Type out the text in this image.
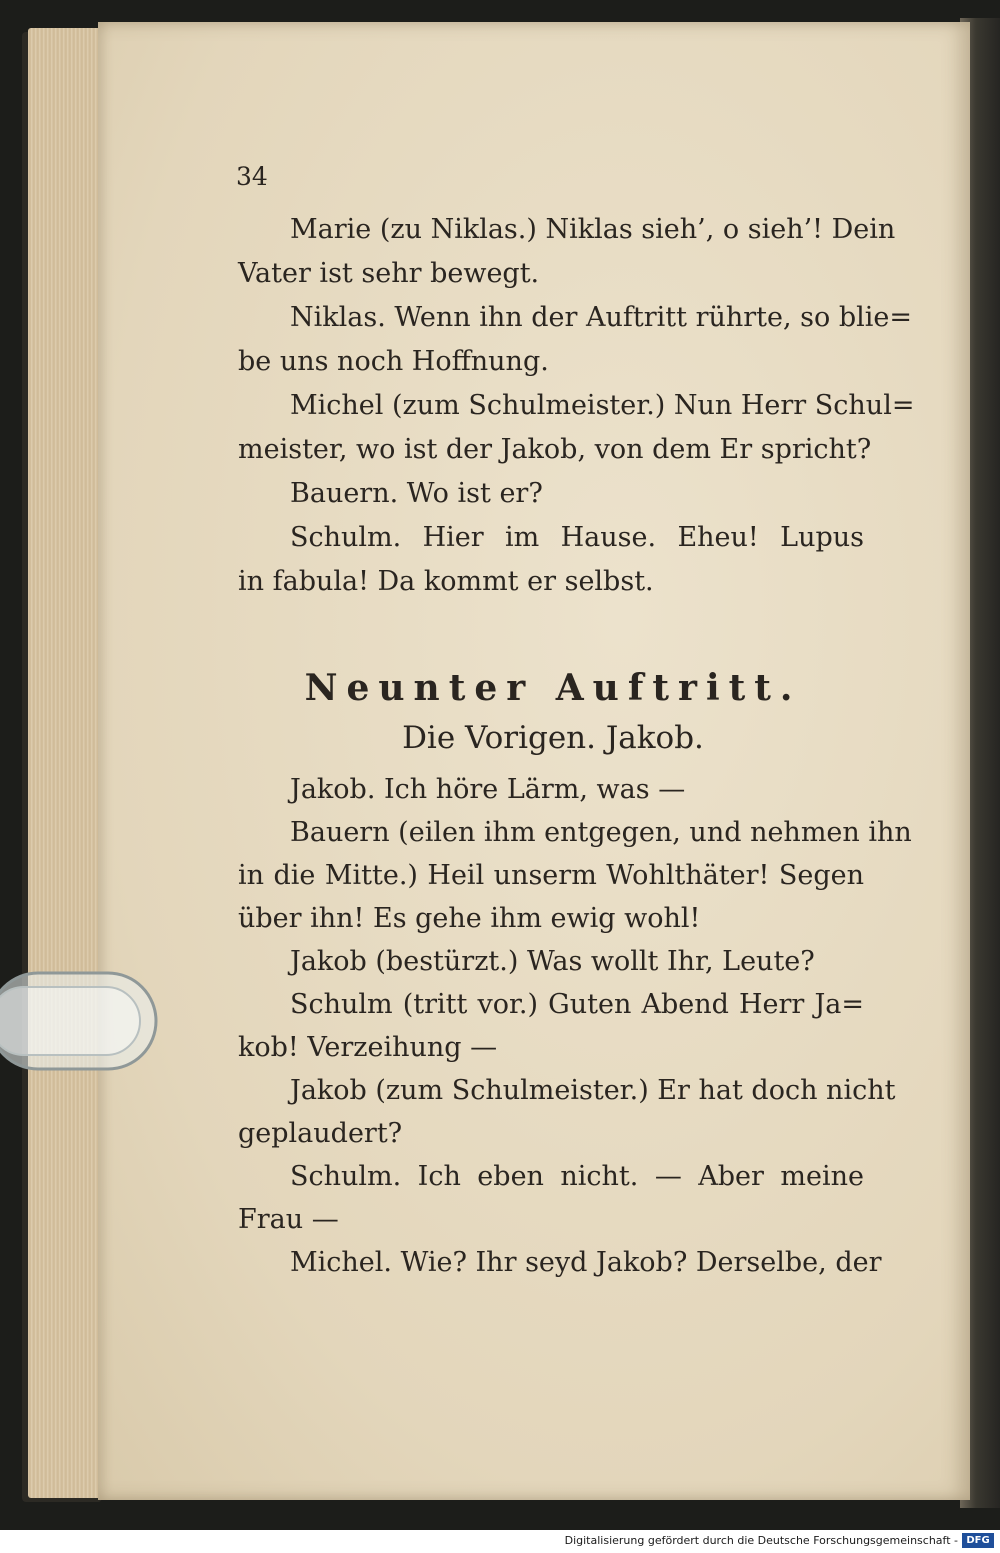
34
Marie (zu Niklas.) Niklas sieh’, o sieh’! Dein
Vater ist sehr bewegt.
Niklas. Wenn ihn der Auftritt rührte, so blie=
be uns noch Hoffnung.
Michel (zum Schulmeister.) Nun Herr Schul=
meister, wo ist der Jakob, von dem Er spricht?
Bauern. Wo ist er?
Schulm. Hier im Hause. Eheu! Lupus
in fabula! Da kommt er selbst.
Neunter Auftritt.
Die Vorigen. Jakob.
Jakob. Ich höre Lärm, was —
Bauern (eilen ihm entgegen, und nehmen ihn
in die Mitte.) Heil unserm Wohlthäter! Segen
über ihn! Es gehe ihm ewig wohl!
Jakob (bestürzt.) Was wollt Ihr, Leute?
Schulm (tritt vor.) Guten Abend Herr Ja=
kob! Verzeihung —
Jakob (zum Schulmeister.) Er hat doch nicht
geplaudert?
Schulm. Ich eben nicht. — Aber meine
Frau —
Michel. Wie? Ihr seyd Jakob? Derselbe, der
Digitalisierung gefördert durch die Deutsche Forschungsgemeinschaft - DFG
